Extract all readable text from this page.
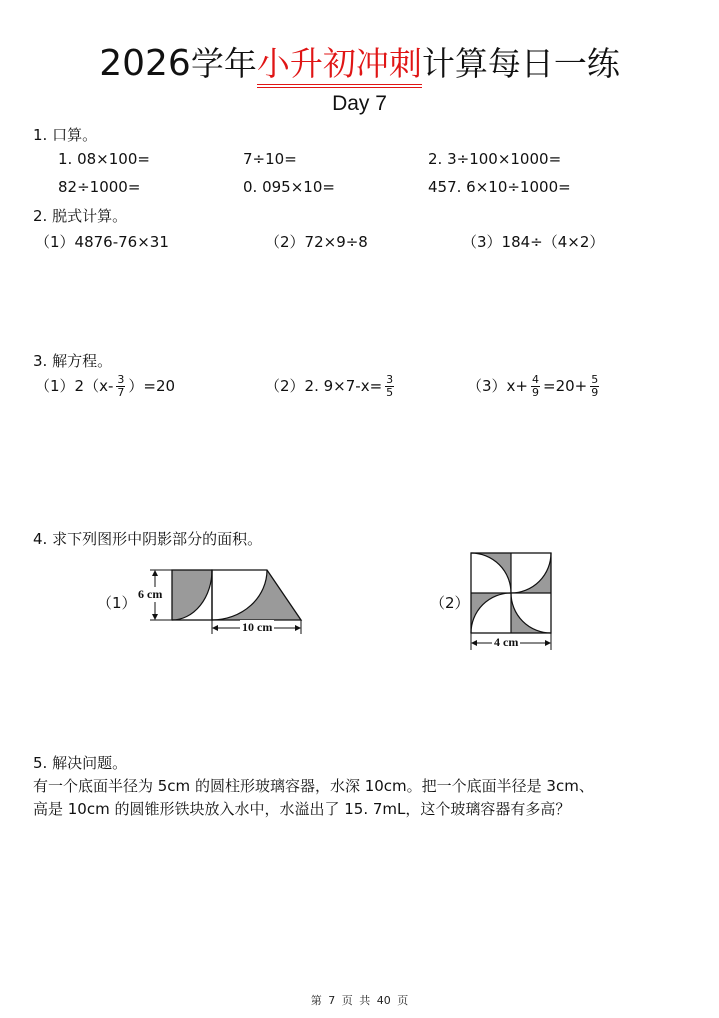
2026学年小升初冲刺计算每日一练
Day 7
1. 口算。
1. 08×100=	7÷10=	2. 3÷100×1000=
82÷1000=	0. 095×10=	457. 6×10÷1000=
2. 脱式计算。
（1）4876-76×31	（2）72×9÷8	（3）184÷（4×2）
3. 解方程。
$(1)2(x- \frac{3}{7} )=20$	（2）2. $9\times 7-x= \frac{3}{5}$	$(3)x+ \frac{4}{9} =20+ \frac{5}{9}$
4. 求下列图形中阴影部分的面积。
（1） 6 cm
10 cm
（2）
4 cm
5. 解决问题。
有一个底面半径为 5cm 的圆柱形玻璃容器，水深 10cm。把一个底面半径是 3cm、
高是 10cm 的圆锥形铁块放入水中，水溢出了 15. 7mL，这个玻璃容器有多高？
第 7 页 共 40 页
